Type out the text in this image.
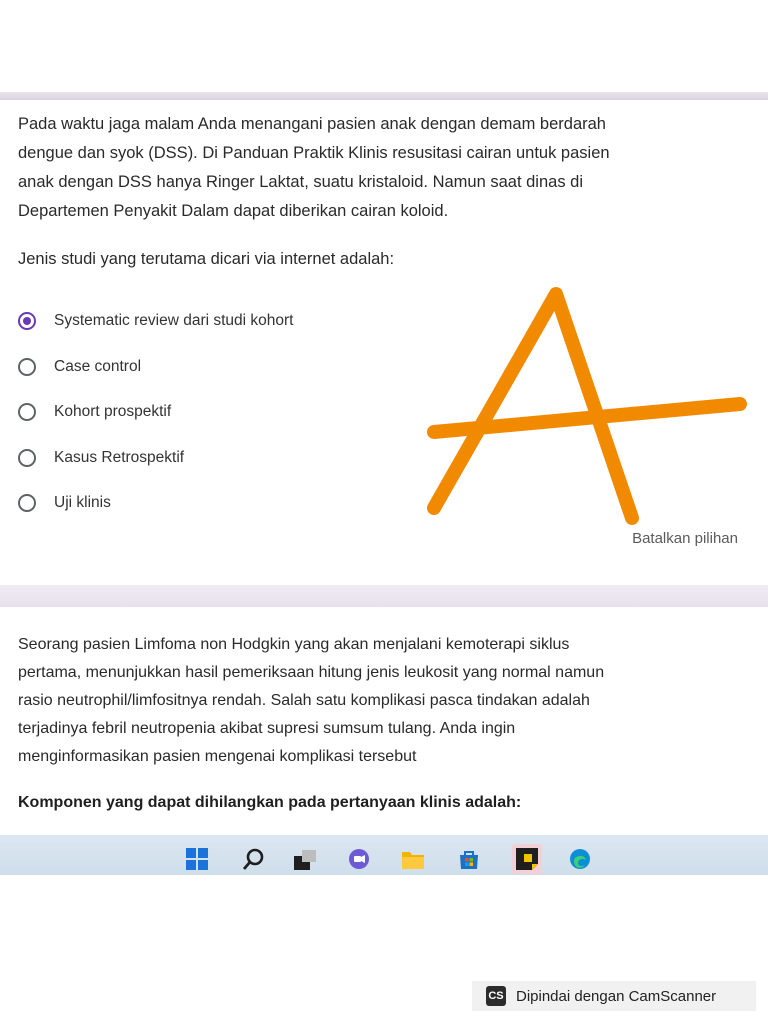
Pada waktu jaga malam Anda menangani pasien anak dengan demam berdarah
dengue dan syok (DSS). Di Panduan Praktik Klinis resusitasi cairan untuk pasien
anak dengan DSS hanya Ringer Laktat, suatu kristaloid. Namun saat dinas di
Departemen Penyakit Dalam dapat diberikan cairan koloid.
Jenis studi yang terutama dicari via internet adalah:
Systematic review dari studi kohort
Case control
Kohort prospektif
Kasus Retrospektif
Uji klinis
Batalkan pilihan
Seorang pasien Limfoma non Hodgkin yang akan menjalani kemoterapi siklus
pertama, menunjukkan hasil pemeriksaan hitung jenis leukosit yang normal namun
rasio neutrophil/limfositnya rendah. Salah satu komplikasi pasca tindakan adalah
terjadinya febril neutropenia akibat supresi sumsum tulang. Anda ingin
menginformasikan pasien mengenai komplikasi tersebut
Komponen yang dapat dihilangkan pada pertanyaan klinis adalah:
CS Dipindai dengan CamScanner
